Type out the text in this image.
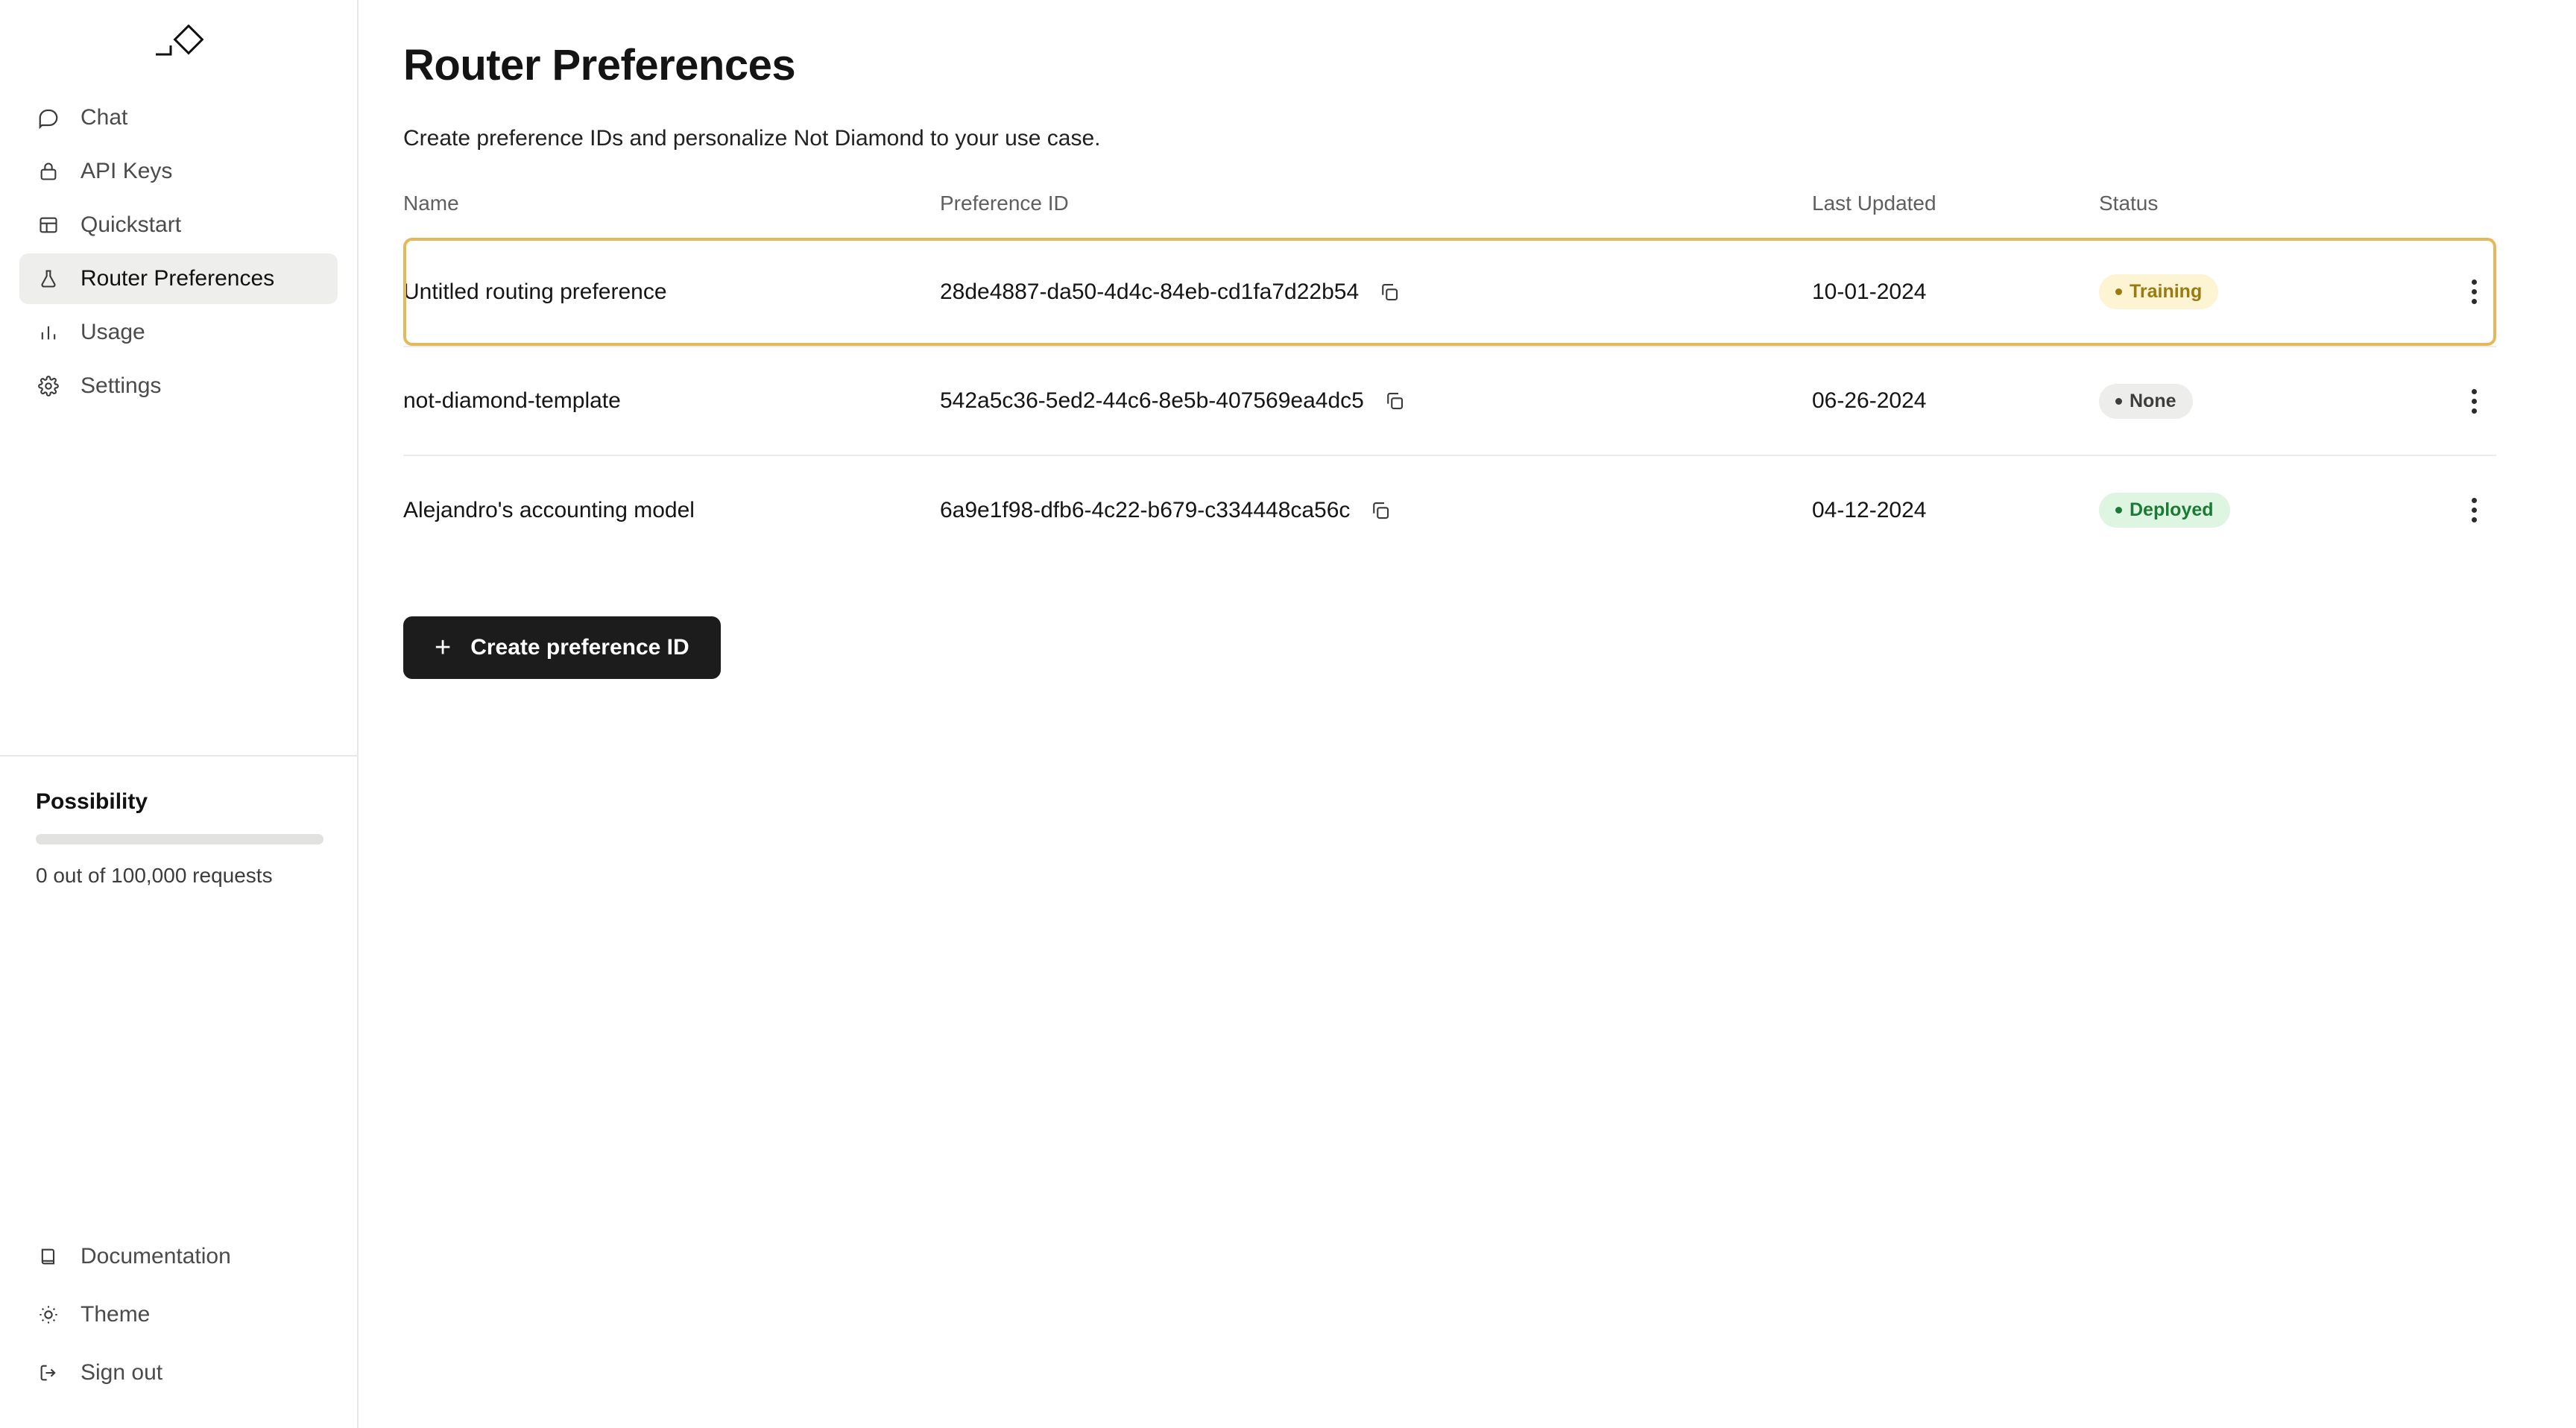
Chat
API Keys
Quickstart
Router Preferences
Usage
Settings
Possibility
0 out of 100,000 requests
Documentation
Theme
Sign out
Router Preferences

Create preference IDs and personalize Not Diamond to your use case.

Name	Preference ID	Last Updated	Status	
Untitled routing preference	28de4887-da50-4d4c-84eb-cd1fa7d22b54	10-01-2024	Training	

not-diamond-template	542a5c36-5ed2-44c6-8e5b-407569ea4dc5	06-26-2024	None	

Alejandro's accounting model	6a9e1f98-dfb6-4c22-b679-c334448ca56c	04-12-2024	Deployed	

+ Create preference ID
